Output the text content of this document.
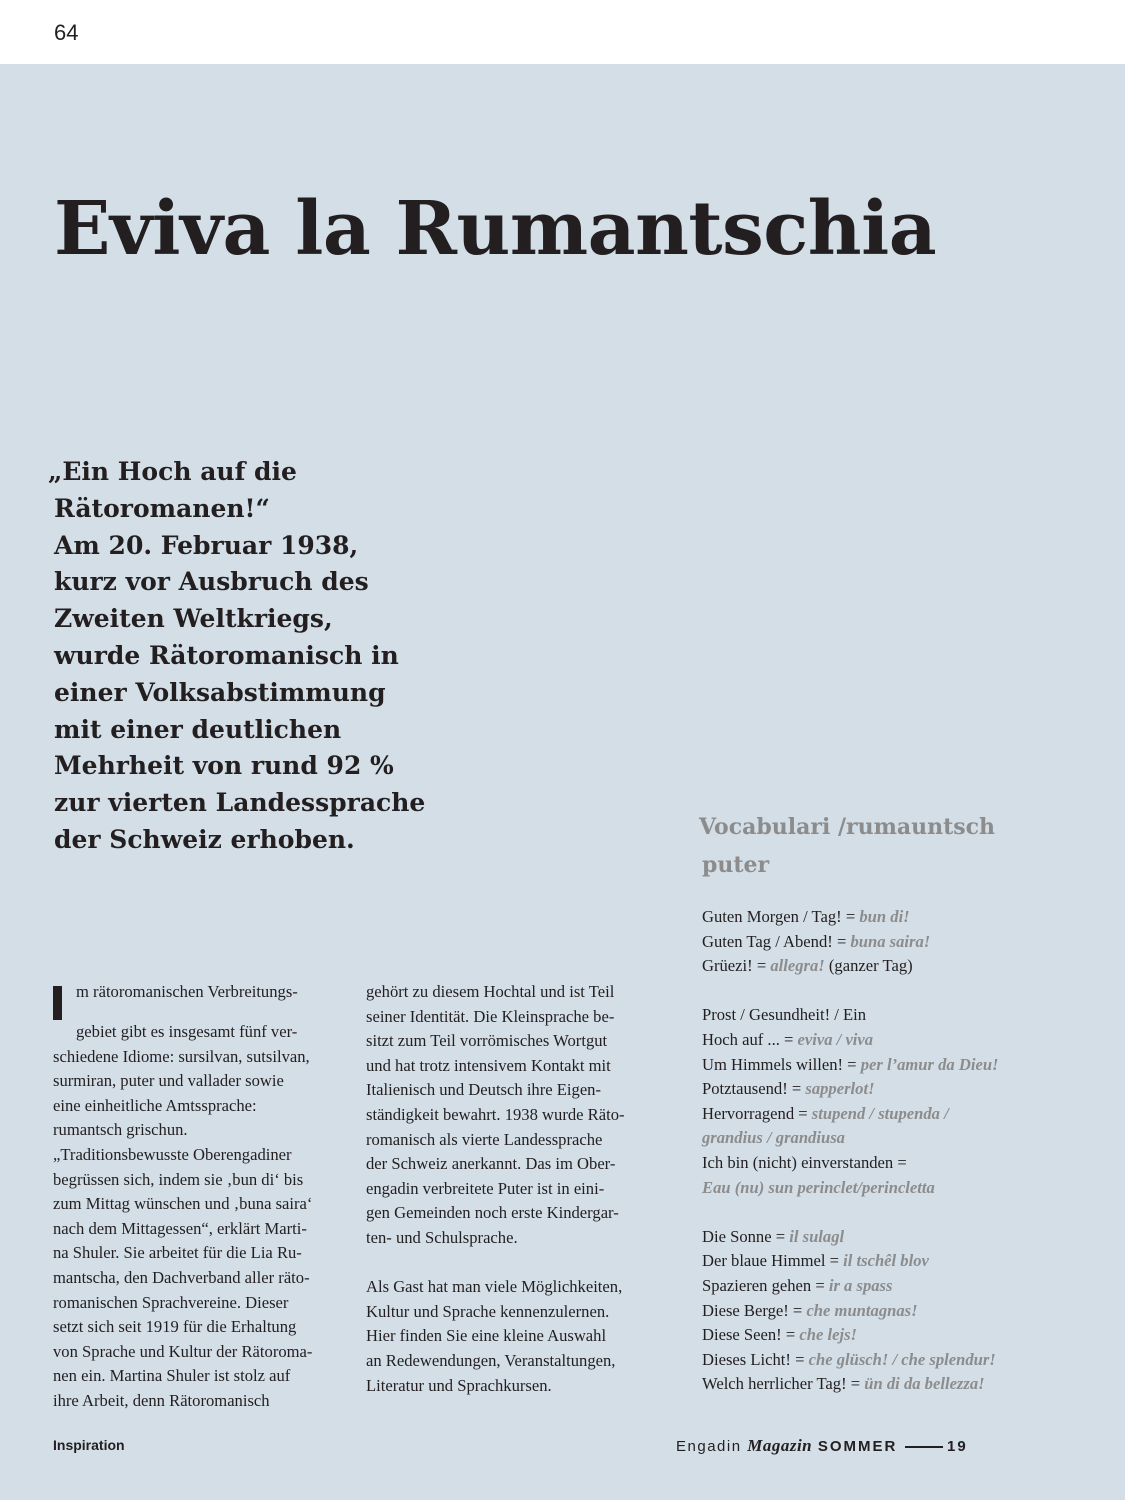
64
Eviva la Rumantschia
„Ein Hoch auf die
Rätoromanen!“
Am 20. Februar 1938,
kurz vor Ausbruch des
Zweiten Weltkriegs,
wurde Rätoromanisch in
einer Volksabstimmung
mit einer deutlichen
Mehrheit von rund 92 %
zur vierten Landessprache
der Schweiz erhoben.
m rätoromanischen Verbreitungs-
gebiet gibt es insgesamt fünf ver-
schiedene Idiome: sursilvan, sutsilvan,
surmiran, puter und vallader sowie
eine einheitliche Amtssprache:
rumantsch grischun.
„Traditionsbewusste Oberengadiner
begrüssen sich, indem sie ‚bun di‘ bis
zum Mittag wünschen und ‚buna saira‘
nach dem Mittagessen“, erklärt Marti-
na Shuler. Sie arbeitet für die Lia Ru-
mantscha, den Dachverband aller räto-
romanischen Sprachvereine. Dieser
setzt sich seit 1919 für die Erhaltung
von Sprache und Kultur der Rätoroma-
nen ein. Martina Shuler ist stolz auf
ihre Arbeit, denn Rätoromanisch
gehört zu diesem Hochtal und ist Teil
seiner Identität. Die Kleinsprache be-
sitzt zum Teil vorrömisches Wortgut
und hat trotz intensivem Kontakt mit
Italienisch und Deutsch ihre Eigen-
ständigkeit bewahrt. 1938 wurde Räto-
romanisch als vierte Landessprache
der Schweiz anerkannt. Das im Ober-
engadin verbreitete Puter ist in eini-
gen Gemeinden noch erste Kindergar-
ten- und Schulsprache.
Als Gast hat man viele Möglichkeiten,
Kultur und Sprache kennenzulernen.
Hier finden Sie eine kleine Auswahl
an Redewendungen, Veranstaltungen,
Literatur und Sprachkursen.
Vocabulari /rumauntsch
puter
Guten Morgen / Tag! = bun di!
Guten Tag / Abend! = buna saira!
Grüezi! = allegra! (ganzer Tag)
Prost / Gesundheit! / Ein
Hoch auf ... = eviva / viva
Um Himmels willen! = per l’amur da Dieu!
Potztausend! = sapperlot!
Hervorragend = stupend / stupenda /
grandius / grandiusa
Ich bin (nicht) einverstanden =
Eau (nu) sun perinclet/perincletta
Die Sonne = il sulagl
Der blaue Himmel = il tschêl blov
Spazieren gehen = ir a spass
Diese Berge! = che muntagnas!
Diese Seen! = che lejs!
Dieses Licht! = che glüsch! / che splendur!
Welch herrlicher Tag! = ün di da bellezza!
Inspiration	Engadin Magazin SOMMER	19
